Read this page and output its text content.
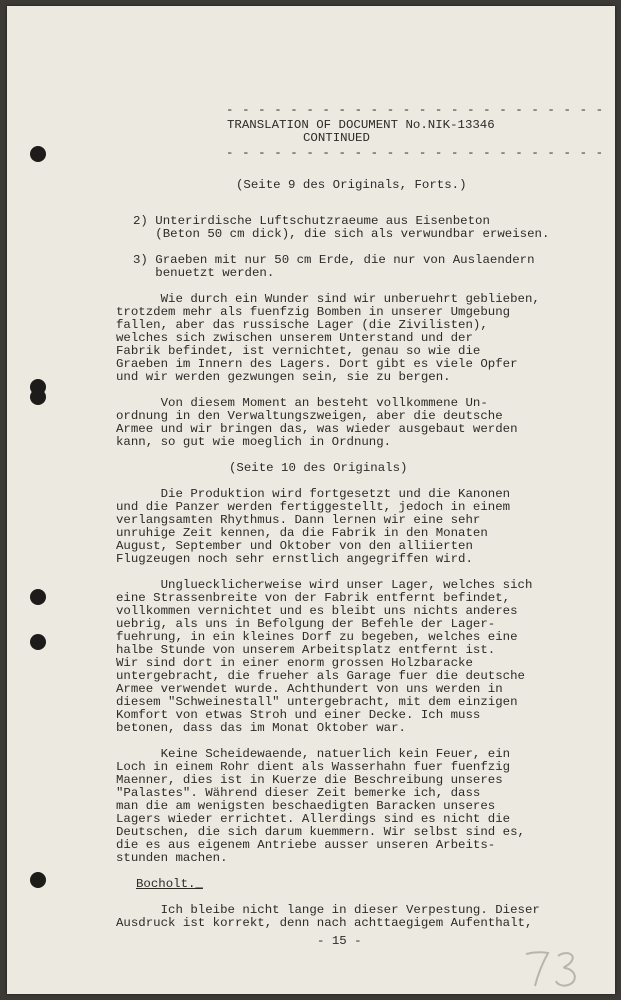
- - - - - - - - - - - - - - - - - - - - - - - -
TRANSLATION OF DOCUMENT No.NIK-13346
CONTINUED
- - - - - - - - - - - - - - - - - - - - - - - -
(Seite 9 des Originals, Forts.)
2) Unterirdische Luftschutzraeume aus Eisenbeton
(Beton 50 cm dick), die sich als verwundbar erweisen.
3) Graeben mit nur 50 cm Erde, die nur von Auslaendern
benuetzt werden.
Wie durch ein Wunder sind wir unberuehrt geblieben,
trotzdem mehr als fuenfzig Bomben in unserer Umgebung
fallen, aber das russische Lager (die Zivilisten),
welches sich zwischen unserem Unterstand und der
Fabrik befindet, ist vernichtet, genau so wie die
Graeben im Innern des Lagers. Dort gibt es viele Opfer
und wir werden gezwungen sein, sie zu bergen.
Von diesem Moment an besteht vollkommene Un-
ordnung in den Verwaltungszweigen, aber die deutsche
Armee und wir bringen das, was wieder ausgebaut werden
kann, so gut wie moeglich in Ordnung.
(Seite 10 des Originals)
Die Produktion wird fortgesetzt und die Kanonen
und die Panzer werden fertiggestellt, jedoch in einem
verlangsamten Rhythmus. Dann lernen wir eine sehr
unruhige Zeit kennen, da die Fabrik in den Monaten
August, September und Oktober von den alliierten
Flugzeugen noch sehr ernstlich angegriffen wird.
Ungluecklicherweise wird unser Lager, welches sich
eine Strassenbreite von der Fabrik entfernt befindet,
vollkommen vernichtet und es bleibt uns nichts anderes
uebrig, als uns in Befolgung der Befehle der Lager-
fuehrung, in ein kleines Dorf zu begeben, welches eine
halbe Stunde von unserem Arbeitsplatz entfernt ist.
Wir sind dort in einer enorm grossen Holzbaracke
untergebracht, die frueher als Garage fuer die deutsche
Armee verwendet wurde. Achthundert von uns werden in
diesem "Schweinestall" untergebracht, mit dem einzigen
Komfort von etwas Stroh und einer Decke. Ich muss
betonen, dass das im Monat Oktober war.
Keine Scheidewaende, natuerlich kein Feuer, ein
Loch in einem Rohr dient als Wasserhahn fuer fuenfzig
Maenner, dies ist in Kuerze die Beschreibung unseres
"Palastes". Während dieser Zeit bemerke ich, dass
man die am wenigsten beschaedigten Baracken unseres
Lagers wieder errichtet. Allerdings sind es nicht die
Deutschen, die sich darum kuemmern. Wir selbst sind es,
die es aus eigenem Antriebe ausser unseren Arbeits-
stunden machen.
Bocholt._
Ich bleibe nicht lange in dieser Verpestung. Dieser
Ausdruck ist korrekt, denn nach achttaegigem Aufenthalt,
- 15 -
